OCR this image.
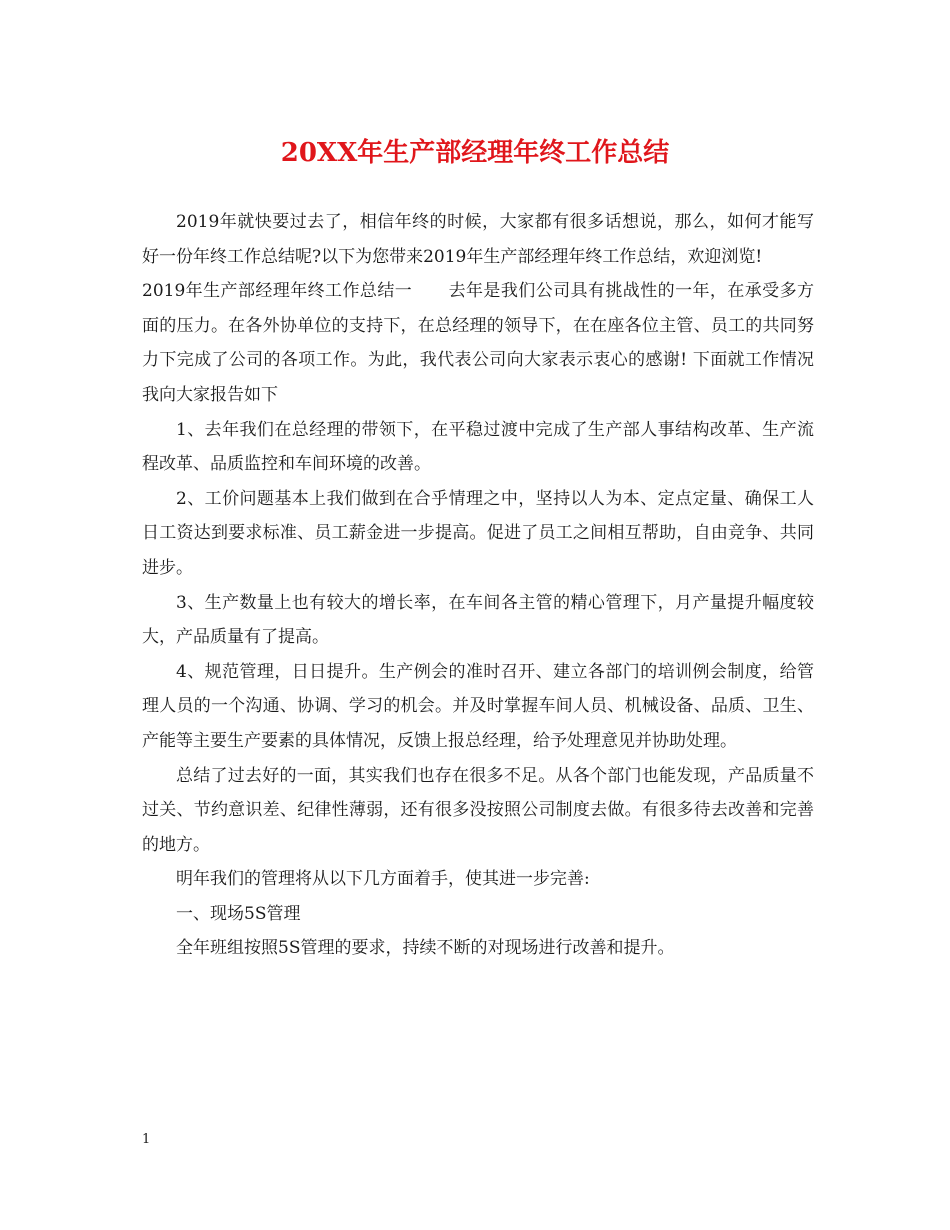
20XX年生产部经理年终工作总结

2019年就快要过去了，相信年终的时候，大家都有很多话想说，那么，如何才能写好一份年终工作总结呢?以下为您带来2019年生产部经理年终工作总结，欢迎浏览!

2019年生产部经理年终工作总结一 去年是我们公司具有挑战性的一年，在承受多方面的压力。在各外协单位的支持下，在总经理的领导下，在在座各位主管、员工的共同努力下完成了公司的各项工作。为此，我代表公司向大家表示衷心的感谢! 下面就工作情况我向大家报告如下

1、去年我们在总经理的带领下，在平稳过渡中完成了生产部人事结构改革、生产流程改革、品质监控和车间环境的改善。

2、工价问题基本上我们做到在合乎情理之中，坚持以人为本、定点定量、确保工人日工资达到要求标准、员工薪金进一步提高。促进了员工之间相互帮助，自由竞争、共同进步。

3、生产数量上也有较大的增长率，在车间各主管的精心管理下，月产量提升幅度较大，产品质量有了提高。

4、规范管理，日日提升。生产例会的准时召开、建立各部门的培训例会制度，给管理人员的一个沟通、协调、学习的机会。并及时掌握车间人员、机械设备、品质、卫生、产能等主要生产要素的具体情况，反馈上报总经理，给予处理意见并协助处理。

总结了过去好的一面，其实我们也存在很多不足。从各个部门也能发现，产品质量不过关、节约意识差、纪律性薄弱，还有很多没按照公司制度去做。有很多待去改善和完善的地方。

明年我们的管理将从以下几方面着手，使其进一步完善:

一、现场5S管理

全年班组按照5S管理的要求，持续不断的对现场进行改善和提升。

1
